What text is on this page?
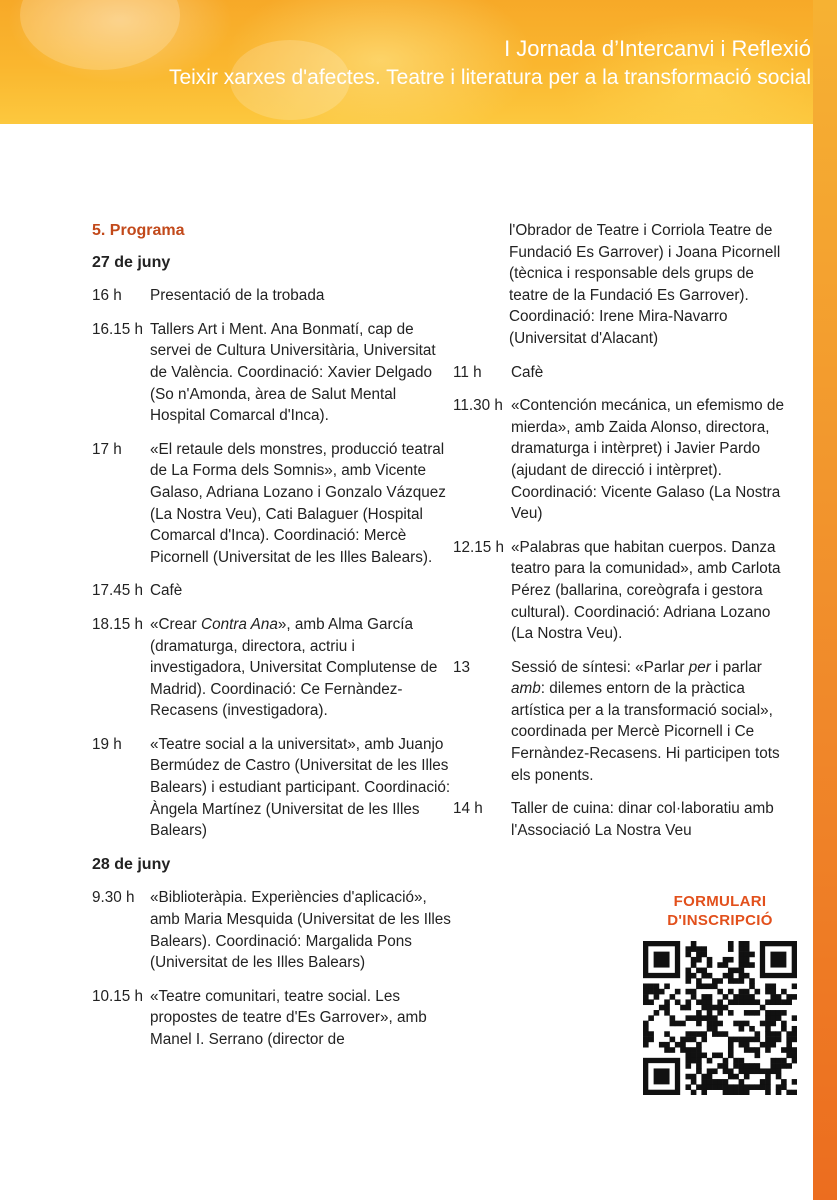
I Jornada d’Intercanvi i Reflexió
Teixir xarxes d'afectes. Teatre i literatura per a la transformació social
5. Programa
27 de juny
16 h	Presentació de la trobada
16.15 h Tallers Art i Ment. Ana Bonmatí, cap de servei de Cultura Universitària, Universitat de València. Coordinació: Xavier Delgado (So n'Amonda, àrea de Salut Mental Hospital Comarcal d'Inca).
17 h	«El retaule dels monstres, producció teatral de La Forma dels Somnis», amb Vicente Galaso, Adriana Lozano i Gonzalo Vázquez (La Nostra Veu), Cati Balaguer (Hospital Comarcal d'Inca). Coordinació: Mercè Picornell (Universitat de les Illes Balears).
17.45 h Cafè
18.15 h «Crear Contra Ana», amb Alma García (dramaturga, directora, actriu i investigadora, Universitat Complutense de Madrid). Coordinació: Ce Fernàndez-Recasens (investigadora).
19 h	«Teatre social a la universitat», amb Juanjo Bermúdez de Castro (Universitat de les Illes Balears) i estudiant participant. Coordinació: Àngela Martínez (Universitat de les Illes Balears)
28 de juny
9.30 h	«Biblioteràpia. Experiències d'aplicació», amb Maria Mesquida (Universitat de les Illes Balears). Coordinació: Margalida Pons (Universitat de les Illes Balears)
10.15 h «Teatre comunitari, teatre social. Les propostes de teatre d'Es Garrover», amb Manel I. Serrano (director de
l'Obrador de Teatre i Corriola Teatre de Fundació Es Garrover) i Joana Picornell (tècnica i responsable dels grups de teatre de la Fundació Es Garrover). Coordinació: Irene Mira-Navarro (Universitat d'Alacant)
11 h	Cafè
11.30 h «Contención mecánica, un efemismo de mierda», amb Zaida Alonso, directora, dramaturga i intèrpret) i Javier Pardo (ajudant de direcció i intèrpret). Coordinació: Vicente Galaso (La Nostra Veu)
12.15 h «Palabras que habitan cuerpos. Danza teatro para la comunidad», amb Carlota Pérez (ballarina, coreògrafa i gestora cultural). Coordinació: Adriana Lozano (La Nostra Veu).
13	Sessió de síntesi: «Parlar per i parlar amb: dilemes entorn de la pràctica artística per a la transformació social», coordinada per Mercè Picornell i Ce Fernàndez-Recasens. Hi participen tots els ponents.
14 h	Taller de cuina: dinar col·laboratiu amb l'Associació La Nostra Veu
FORMULARI
D'INSCRIPCIÓ
